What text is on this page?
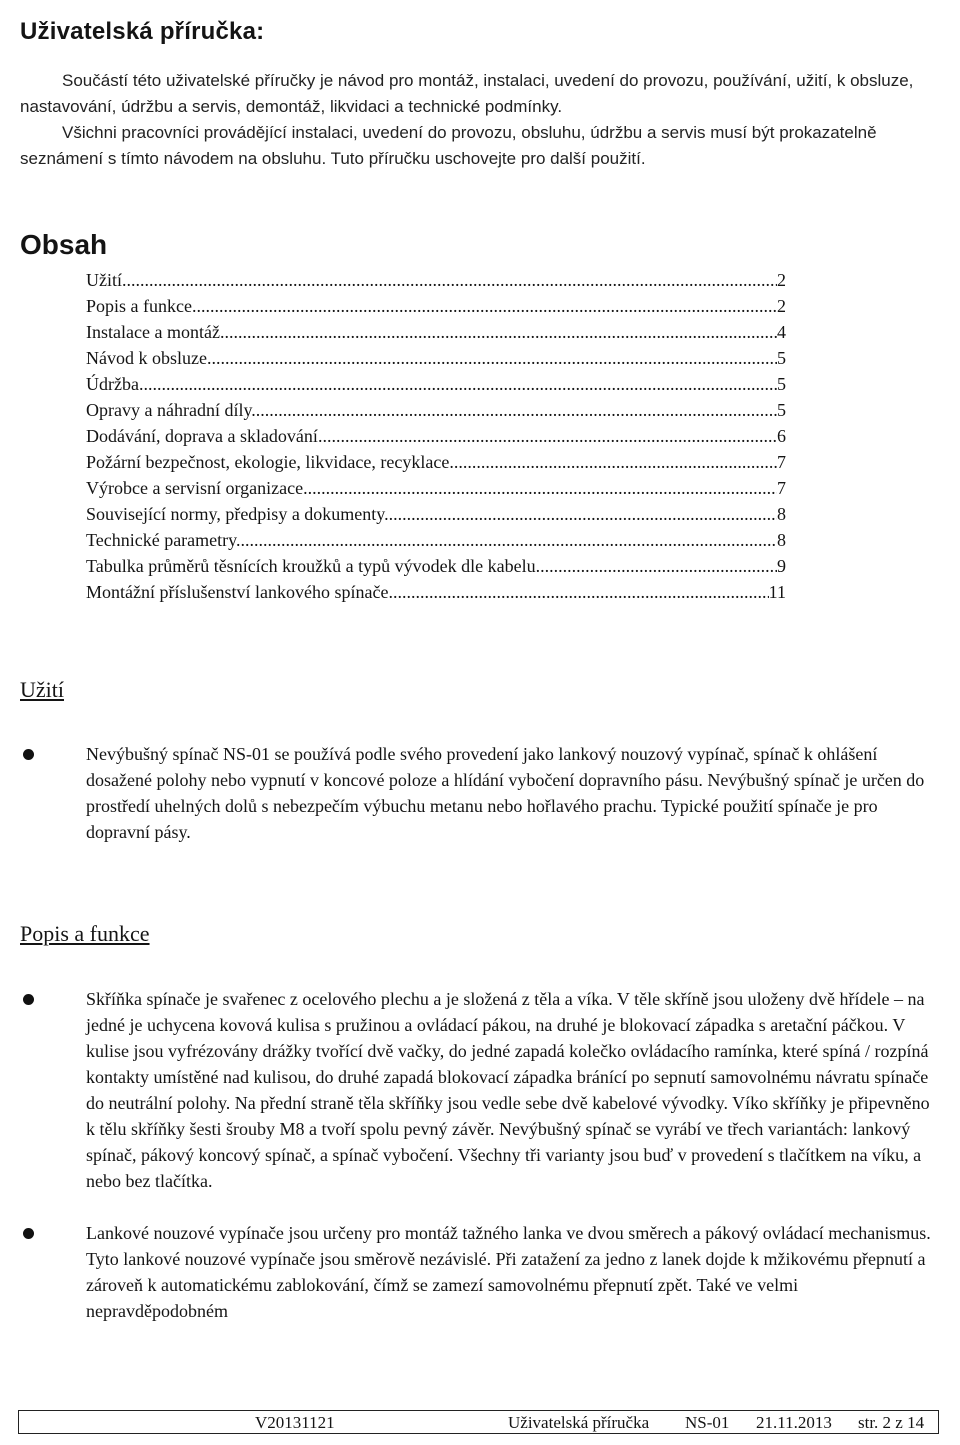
Uživatelská příručka:

Součástí této uživatelské příručky je návod pro montáž, instalaci, uvedení do provozu, používání, užití, k obsluze, nastavování, údržbu a servis, demontáž, likvidaci a technické podmínky.

Všichni pracovníci provádějící instalaci, uvedení do provozu, obsluhu, údržbu a servis musí být prokazatelně seznámení s tímto návodem na obsluhu. Tuto příručku uschovejte pro další použití.

Obsah
Užití .....	2
Popis a funkce .....	2
Instalace a montáž .....	4
Návod k obsluze .....	5
Údržba .....	5
Opravy a náhradní díly .....	5
Dodávání, doprava a skladování .....	6
Požární bezpečnost, ekologie, likvidace, recyklace .....	7
Výrobce a servisní organizace .....	7
Související normy, předpisy a dokumenty .....	8
Technické parametry .....	8
Tabulka průměrů těsnících kroužků a typů vývodek dle kabelu .....	9
Montážní příslušenství lankového spínače .....	11
Užití
Nevýbušný spínač NS-01 se používá podle svého provedení jako lankový nouzový vypínač, spínač k ohlášení dosažené polohy nebo vypnutí v koncové poloze a hlídání vybočení dopravního pásu. Nevýbušný spínač je určen do prostředí uhelných dolů s nebezpečím výbuchu metanu nebo hořlavého prachu. Typické použití spínače je pro dopravní pásy.
Popis a funkce
Skříňka spínače je svařenec z ocelového plechu a je složená z těla a víka. V těle skříně jsou uloženy dvě hřídele – na jedné je uchycena kovová kulisa s pružinou a ovládací pákou, na druhé je blokovací západka s aretační páčkou. V kulise jsou vyfrézovány drážky tvořící dvě vačky, do jedné zapadá kolečko ovládacího ramínka, které spíná / rozpíná kontakty umístěné nad kulisou, do druhé zapadá blokovací západka bránící po sepnutí samovolnému návratu spínače do neutrální polohy. Na přední straně těla skříňky jsou vedle sebe dvě kabelové vývodky. Víko skříňky je připevněno k tělu skříňky šesti šrouby M8 a tvoří spolu pevný závěr. Nevýbušný spínač se vyrábí ve třech variantách: lankový spínač, pákový koncový spínač, a spínač vybočení. Všechny tři varianty jsou buď v provedení s tlačítkem na víku, a nebo bez tlačítka.
Lankové nouzové vypínače jsou určeny pro montáž tažného lanka ve dvou směrech a pákový ovládací mechanismus. Tyto lankové nouzové vypínače jsou směrově nezávislé. Při zatažení za jedno z lanek dojde k mžikovému přepnutí a zároveň k automatickému zablokování, čímž se zamezí samovolnému přepnutí zpět. Také ve velmi nepravděpodobném
V20131121	Uživatelská příručka NS-01 21.11.2013 str. 2 z 14
